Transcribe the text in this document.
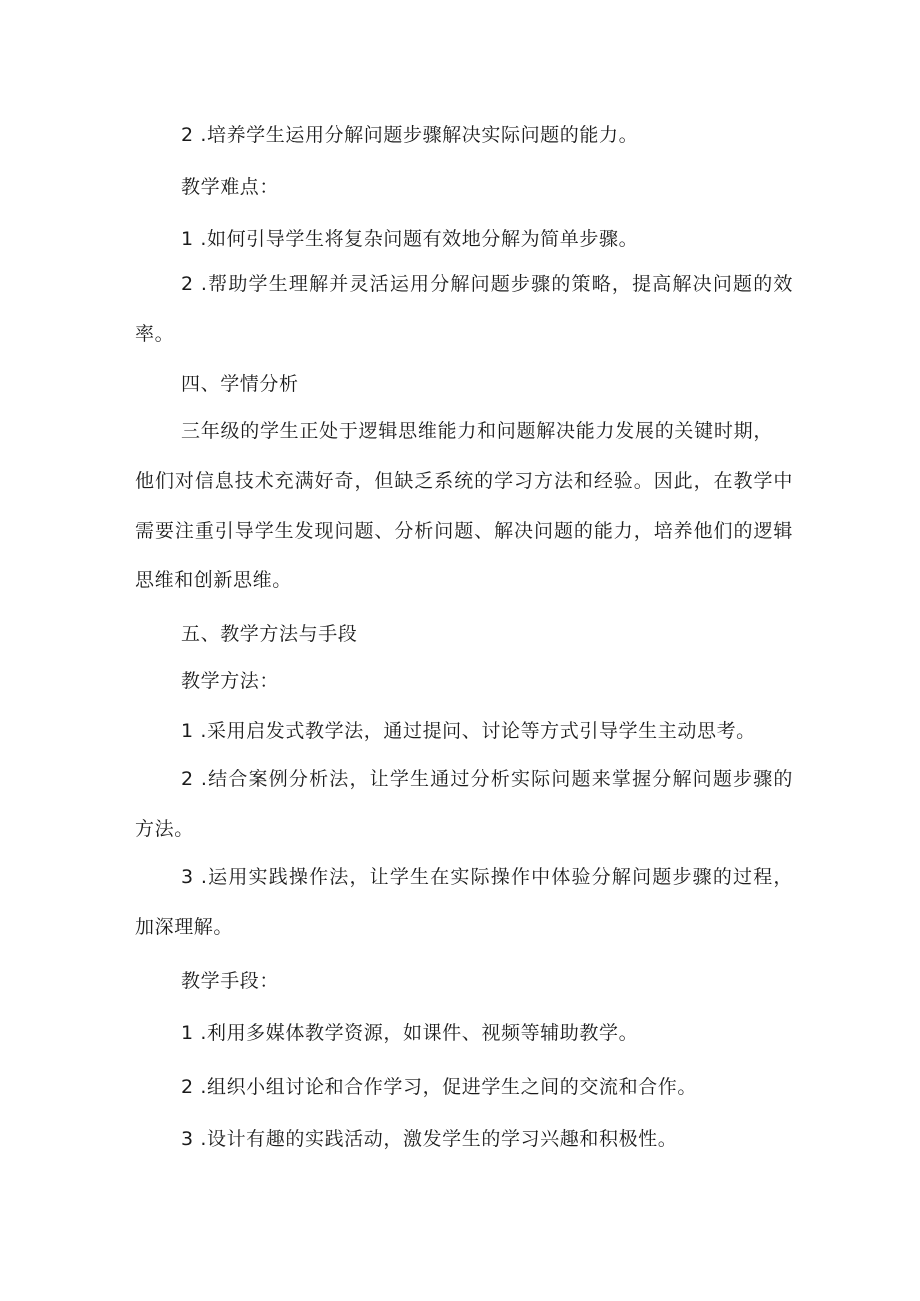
2 .培养学生运用分解问题步骤解决实际问题的能力。
教学难点：
1 .如何引导学生将复杂问题有效地分解为简单步骤。
2 .帮助学生理解并灵活运用分解问题步骤的策略，提高解决问题的效
率。
四、学情分析
三年级的学生正处于逻辑思维能力和问题解决能力发展的关键时期，
他们对信息技术充满好奇，但缺乏系统的学习方法和经验。因此，在教学中
需要注重引导学生发现问题、分析问题、解决问题的能力，培养他们的逻辑
思维和创新思维。
五、教学方法与手段
教学方法：
1 .采用启发式教学法，通过提问、讨论等方式引导学生主动思考。
2 .结合案例分析法，让学生通过分析实际问题来掌握分解问题步骤的
方法。
3 .运用实践操作法，让学生在实际操作中体验分解问题步骤的过程，
加深理解。
教学手段：
1 .利用多媒体教学资源，如课件、视频等辅助教学。
2 .组织小组讨论和合作学习，促进学生之间的交流和合作。
3 .设计有趣的实践活动，激发学生的学习兴趣和积极性。
